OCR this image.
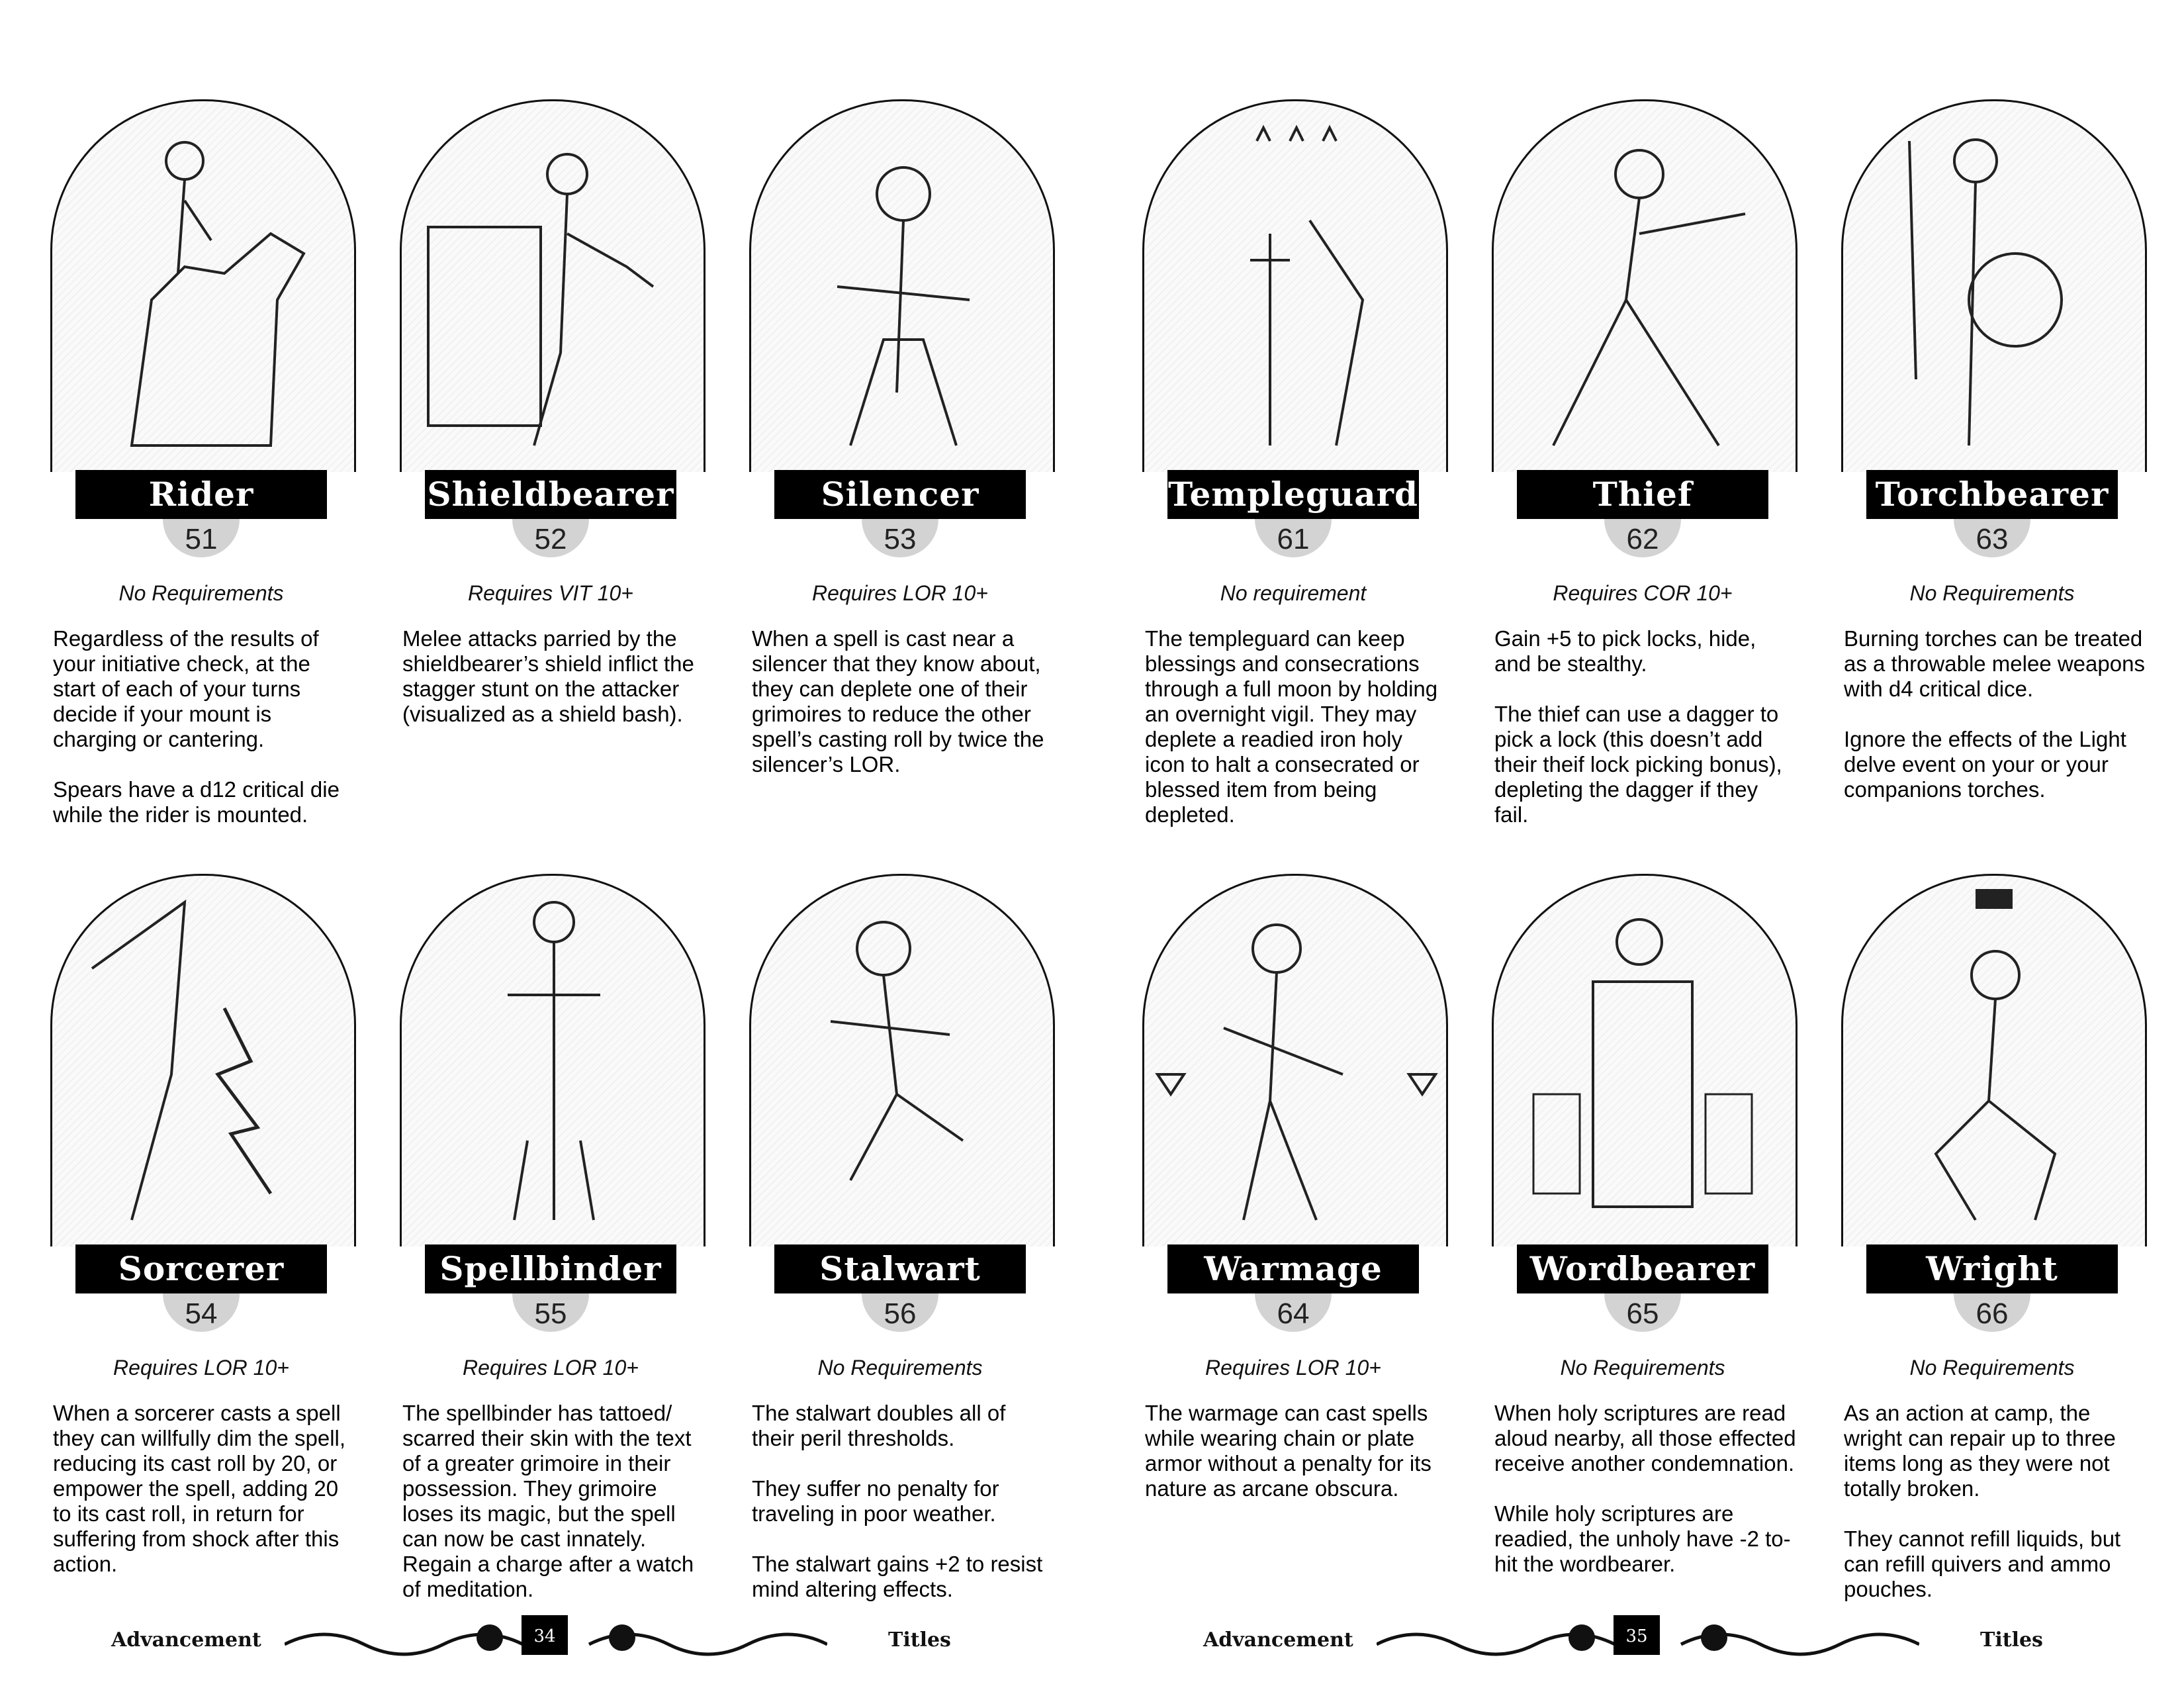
Rider
51
No Requirements

Regardless of the results of your initiative check, at the start of each of your turns decide if your mount is charging or cantering.

Spears have a d12 critical die while the rider is mounted.

Shieldbearer
52
Requires VIT 10+

Melee attacks parried by the shieldbearer’s shield inflict the stagger stunt on the attacker (visualized as a shield bash).

Silencer
53
Requires LOR 10+

When a spell is cast near a silencer that they know about, they can deplete one of their grimoires to reduce the other spell’s casting roll by twice the silencer’s LOR.

Sorcerer
54
Requires LOR 10+

When a sorcerer casts a spell they can willfully dim the spell, reducing its cast roll by 20, or empower the spell, adding 20 to its cast roll, in return for suffering from shock after this action.

Spellbinder
55
Requires LOR 10+

The spellbinder has tattoed/ scarred their skin with the text of a greater grimoire in their possession. They grimoire loses its magic, but the spell can now be cast innately. Regain a charge after a watch of meditation.

Stalwart
56
No Requirements

The stalwart doubles all of their peril thresholds.

They suffer no penalty for traveling in poor weather.

The stalwart gains +2 to resist mind altering effects.

Advancement	34	Titles
Templeguard
61
No requirement

The templeguard can keep blessings and consecrations through a full moon by holding an overnight vigil. They may deplete a readied iron holy icon to halt a consecrated or blessed item from being depleted.

Thief
62
Requires COR 10+

Gain +5 to pick locks, hide, and be stealthy.

The thief can use a dagger to pick a lock (this doesn’t add their theif lock picking bonus), depleting the dagger if they fail.

Torchbearer
63
No Requirements

Burning torches can be treated as a throwable melee weapons with d4 critical dice.

Ignore the effects of the Light delve event on your or your companions torches.

Warmage
64
Requires LOR 10+

The warmage can cast spells while wearing chain or plate armor without a penalty for its nature as arcane obscura.

Wordbearer
65
No Requirements

When holy scriptures are read aloud nearby, all those effected receive another condemnation.

While holy scriptures are readied, the unholy have -2 to-hit the wordbearer.

Wright
66
No Requirements

As an action at camp, the wright can repair up to three items long as they were not totally broken.

They cannot refill liquids, but can refill quivers and ammo pouches.

Advancement	35	Titles
